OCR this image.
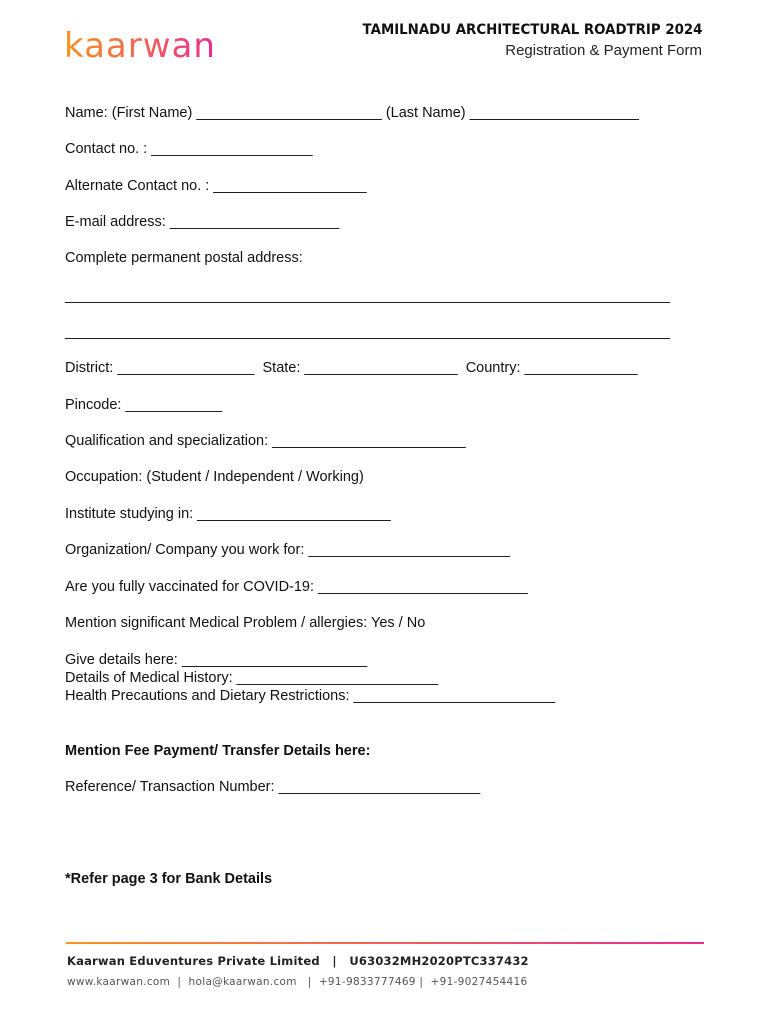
kaarwan	TAMILNADU ARCHITECTURAL ROADTRIP 2024
Registration & Payment Form
Name: (First Name) _______________________ (Last Name) _____________________
Contact no. : ____________________
Alternate Contact no. : ___________________
E-mail address: _____________________
Complete permanent postal address:
___________________________________________________________________________
___________________________________________________________________________
District: _________________  State: ___________________  Country: ______________
Pincode: ____________
Qualification and specialization: ________________________
Occupation: (Student / Independent / Working)
Institute studying in: ________________________
Organization/ Company you work for: _________________________
Are you fully vaccinated for COVID-19: __________________________
Mention significant Medical Problem / allergies: Yes / No
Give details here: _______________________
Details of Medical History: _________________________
Health Precautions and Dietary Restrictions: _________________________
Mention Fee Payment/ Transfer Details here:
Reference/ Transaction Number: _________________________
*Refer page 3 for Bank Details
Kaarwan Eduventures Private Limited   |   U63032MH2020PTC337432
www.kaarwan.com  |  hola@kaarwan.com   |  +91-9833777469 |  +91-9027454416
